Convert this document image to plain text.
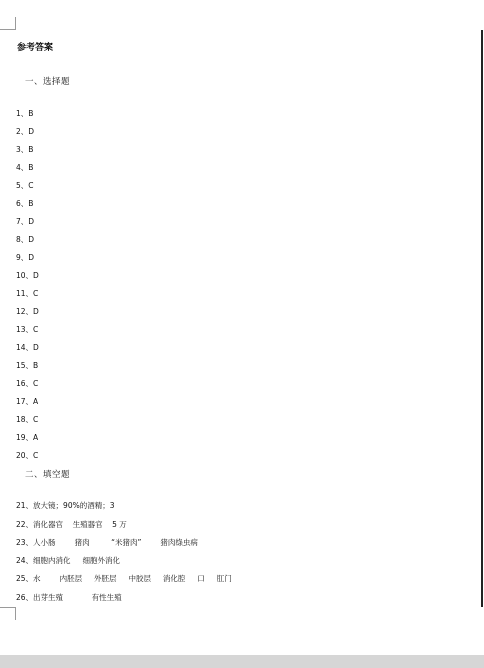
参考答案
一、选择题
1、B
2、D
3、B
4、B
5、C
6、B
7、D
8、D
9、D
10、D
11、C
12、D
13、C
14、D
15、B
16、C
17、A
18、C
19、A
20、C
二、填空题
21、放大镜；90%的酒精；3
22、消化器官    生殖器官    5 万
23、人小肠        猪肉         “米猪肉”        猪肉绦虫病
24、细胞内消化     细胞外消化
25、水        内胚层     外胚层     中胶层     消化腔     口     肛门
26、出芽生殖            有性生殖
